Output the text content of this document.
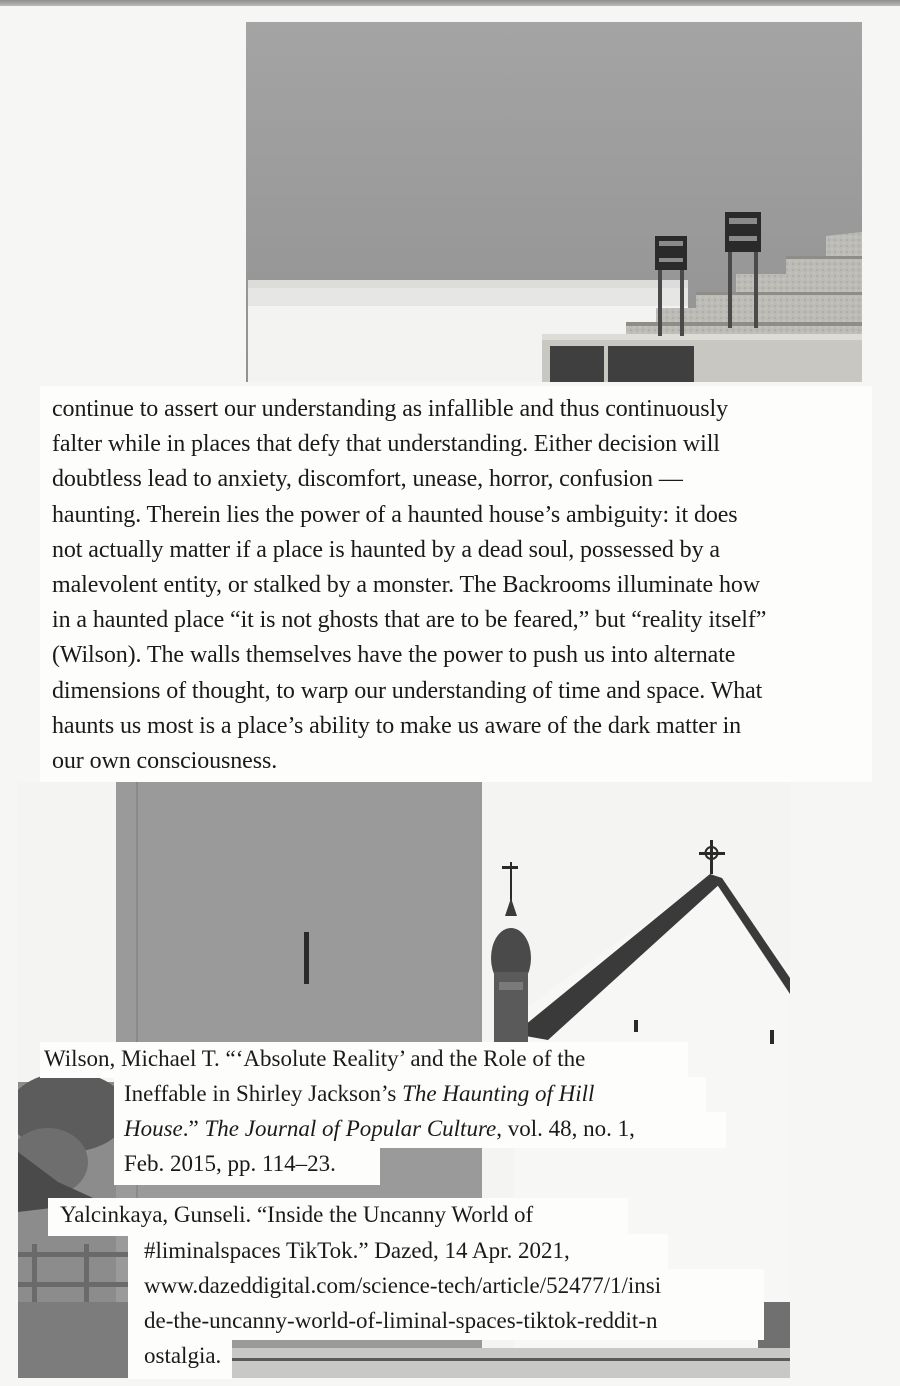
continue to assert our understanding as infallible and thus continuously
falter while in places that defy that understanding. Either decision will
doubtless lead to anxiety, discomfort, unease, horror, confusion —
haunting. Therein lies the power of a haunted house’s ambiguity: it does
not actually matter if a place is haunted by a dead soul, possessed by a
malevolent entity, or stalked by a monster. The Backrooms illuminate how
in a haunted place “it is not ghosts that are to be feared,” but “reality itself”
(Wilson). The walls themselves have the power to push us into alternate
dimensions of thought, to warp our understanding of time and space. What
haunts us most is a place’s ability to make us aware of the dark matter in
our own consciousness.
Wilson, Michael T. “‘Absolute Reality’ and the Role of the
Ineffable in Shirley Jackson’s The Haunting of Hill
House.” The Journal of Popular Culture, vol. 48, no. 1,
Feb. 2015, pp. 114–23.
Yalcinkaya, Gunseli. “Inside the Uncanny World of
#liminalspaces TikTok.” Dazed, 14 Apr. 2021,
www.dazeddigital.com/science-tech/article/52477/1/insi
de-the-uncanny-world-of-liminal-spaces-tiktok-reddit-n
ostalgia.
